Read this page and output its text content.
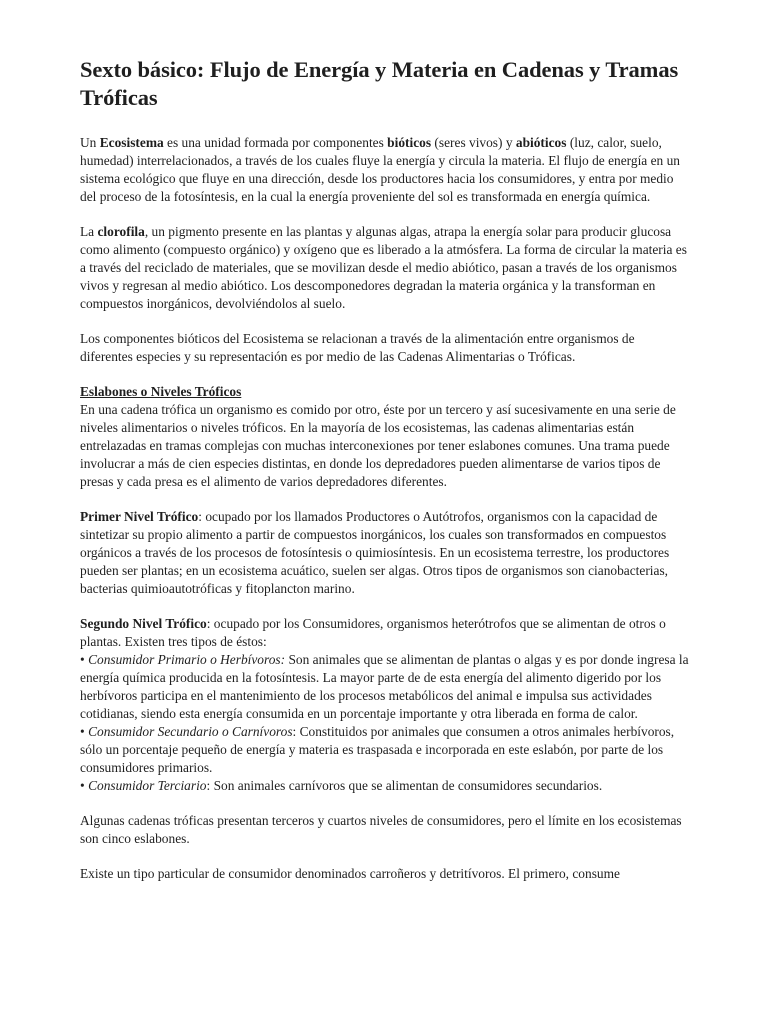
Sexto básico: Flujo de Energía y Materia en Cadenas y Tramas Tróficas

Un Ecosistema es una unidad formada por componentes bióticos (seres vivos) y abióticos (luz, calor, suelo, humedad) interrelacionados, a través de los cuales fluye la energía y circula la materia. El flujo de energía en un sistema ecológico que fluye en una dirección, desde los productores hacia los consumidores, y entra por medio del proceso de la fotosíntesis, en la cual la energía proveniente del sol es transformada en energía química.

La clorofila, un pigmento presente en las plantas y algunas algas, atrapa la energía solar para producir glucosa como alimento (compuesto orgánico) y oxígeno que es liberado a la atmósfera. La forma de circular la materia es a través del reciclado de materiales, que se movilizan desde el medio abiótico, pasan a través de los organismos vivos y regresan al medio abiótico. Los descomponedores degradan la materia orgánica y la transforman en compuestos inorgánicos, devolviéndolos al suelo.

Los componentes bióticos del Ecosistema se relacionan a través de la alimentación entre organismos de diferentes especies y su representación es por medio de las Cadenas Alimentarias o Tróficas.

Eslabones o Niveles Tróficos
En una cadena trófica un organismo es comido por otro, éste por un tercero y así sucesivamente en una serie de niveles alimentarios o niveles tróficos. En la mayoría de los ecosistemas, las cadenas alimentarias están entrelazadas en tramas complejas con muchas interconexiones por tener eslabones comunes. Una trama puede involucrar a más de cien especies distintas, en donde los depredadores pueden alimentarse de varios tipos de presas y cada presa es el alimento de varios depredadores diferentes.

Primer Nivel Trófico: ocupado por los llamados Productores o Autótrofos, organismos con la capacidad de sintetizar su propio alimento a partir de compuestos inorgánicos, los cuales son transformados en compuestos orgánicos a través de los procesos de fotosíntesis o quimiosíntesis. En un ecosistema terrestre, los productores pueden ser plantas; en un ecosistema acuático, suelen ser algas. Otros tipos de organismos son cianobacterias, bacterias quimioautotróficas y fitoplancton marino.

Segundo Nivel Trófico: ocupado por los Consumidores, organismos heterótrofos que se alimentan de otros o plantas. Existen tres tipos de éstos:
• Consumidor Primario o Herbívoros: Son animales que se alimentan de plantas o algas y es por donde ingresa la energía química producida en la fotosíntesis. La mayor parte de de esta energía del alimento digerido por los herbívoros participa en el mantenimiento de los procesos metabólicos del animal e impulsa sus actividades cotidianas, siendo esta energía consumida en un porcentaje importante y otra liberada en forma de calor.
• Consumidor Secundario o Carnívoros: Constituidos por animales que consumen a otros animales herbívoros, sólo un porcentaje pequeño de energía y materia es traspasada e incorporada en este eslabón, por parte de los consumidores primarios.
• Consumidor Terciario: Son animales carnívoros que se alimentan de consumidores secundarios.

Algunas cadenas tróficas presentan terceros y cuartos niveles de consumidores, pero el límite en los ecosistemas son cinco eslabones.

Existe un tipo particular de consumidor denominados carroñeros y detritívoros. El primero, consume
